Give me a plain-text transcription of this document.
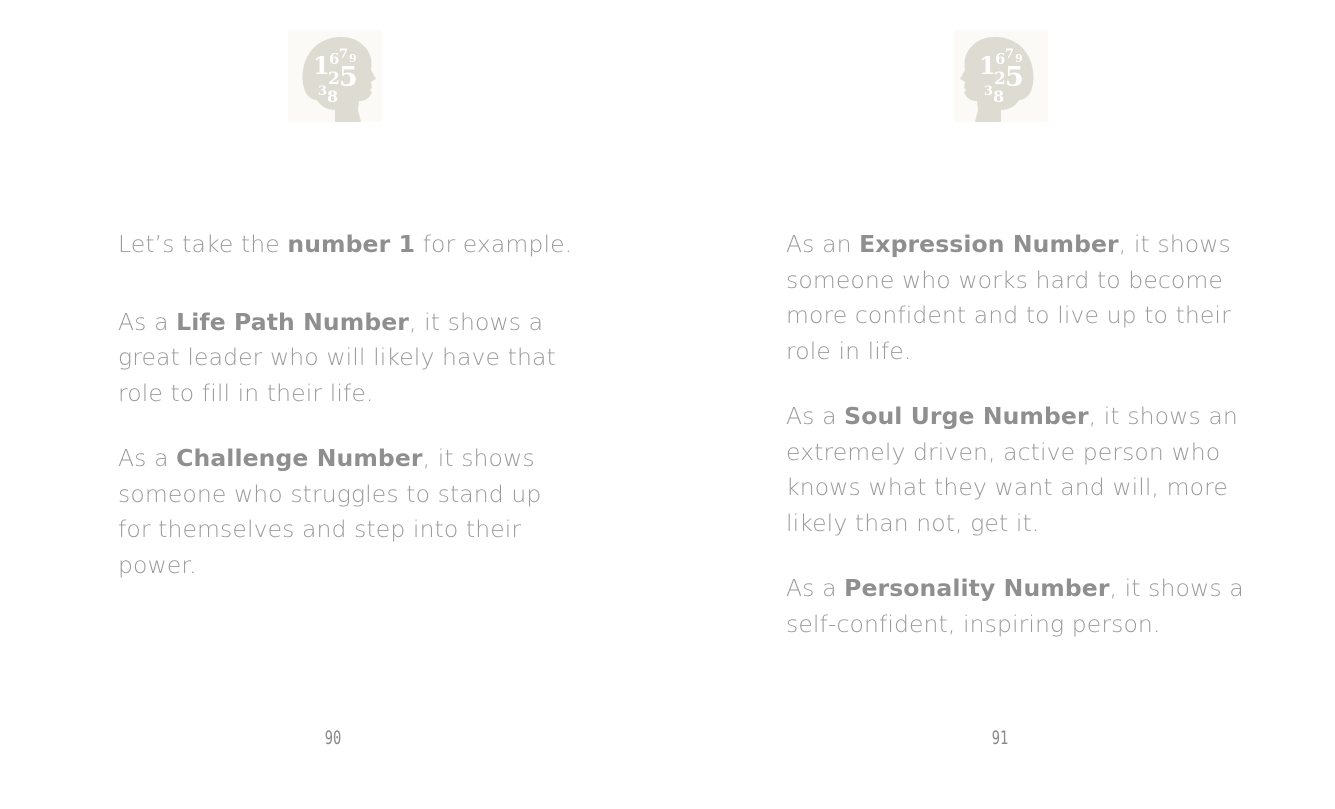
1 6 7 9
2 5
3 8

Let’s take the number 1 for example.

As a Life Path Number, it shows a great leader who will likely have that role to fill in their life.

As a Challenge Number, it shows someone who struggles to stand up for themselves and step into their power.

90
1 6 7 9
2 5
3 8

As an Expression Number, it shows someone who works hard to become more confident and to live up to their role in life.

As a Soul Urge Number, it shows an extremely driven, active person who knows what they want and will, more likely than not, get it.

As a Personality Number, it shows a self-confident, inspiring person.

91
